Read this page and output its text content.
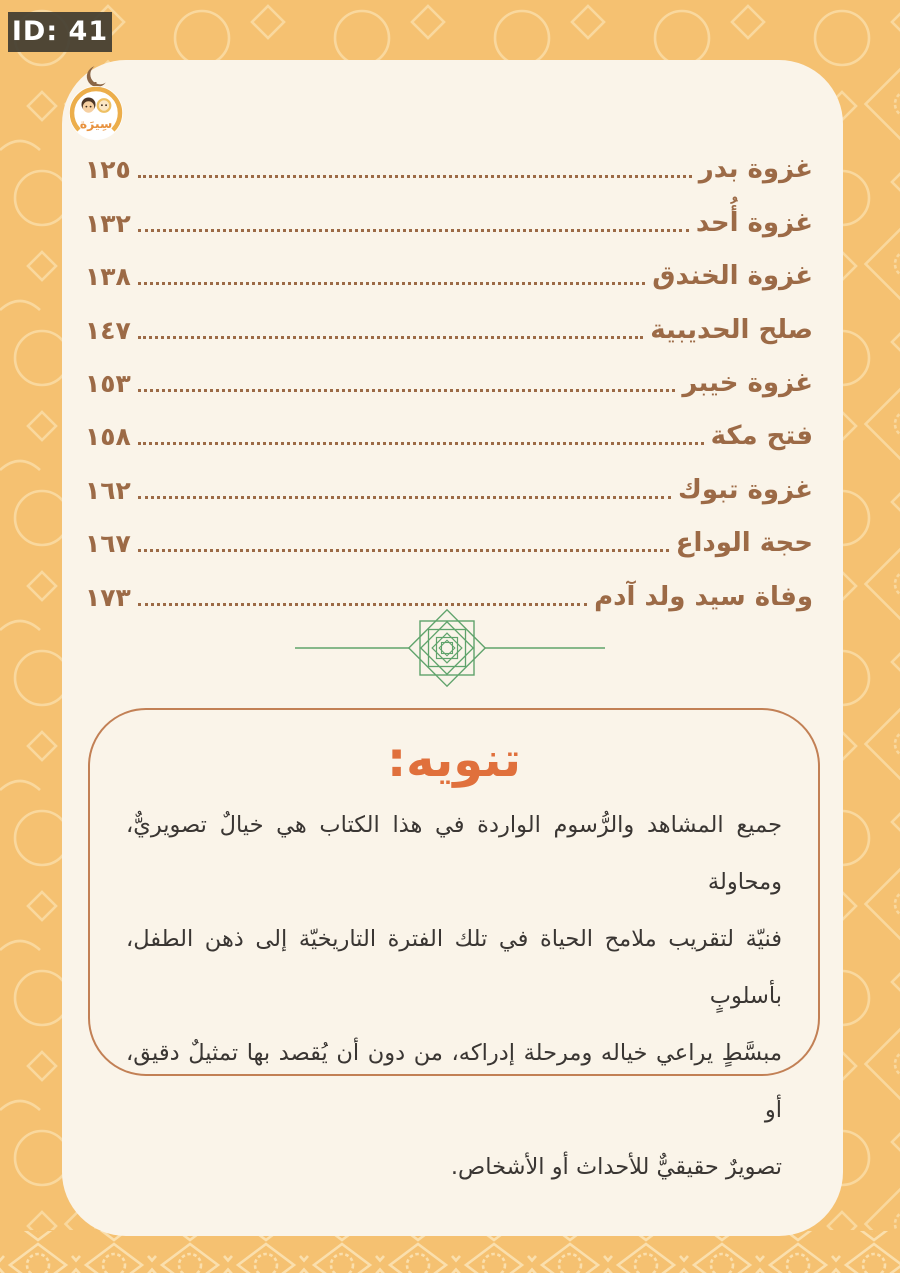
ID: 41
سِيرَة
غزوة بدر
١٢٥
غزوة أُحد
١٣٢
غزوة الخندق
١٣٨
صلح الحديبية
١٤٧
غزوة خيبر
١٥٣
فتح مكة
١٥٨
غزوة تبوك
١٦٢
حجة الوداع
١٦٧
وفاة سيد ولد آدم
١٧٣
تنويه:
جميع المشاهد والرُّسوم الواردة في هذا الكتاب هي خيالٌ تصويريٌّ، ومحاولة
فنيّة لتقريب ملامح الحياة في تلك الفترة التاريخيّة إلى ذهن الطفل، بأسلوبٍ
مبسَّطٍ يراعي خياله ومرحلة إدراكه، من دون أن يُقصد بها تمثيلٌ دقيق، أو
تصويرٌ حقيقيٌّ للأحداث أو الأشخاص.
